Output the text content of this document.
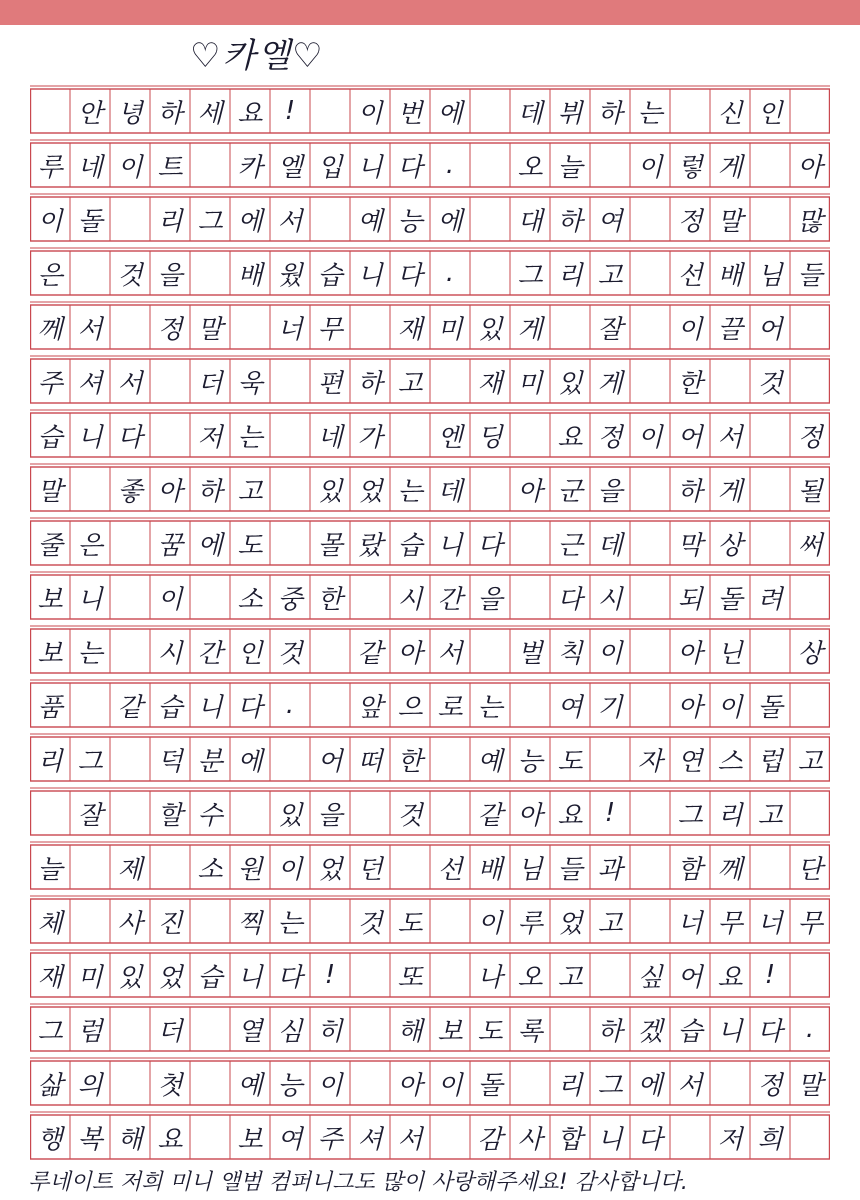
♡카엘♡
안 녕 하 세 요 !	이 번 에 데 뷔 하 는 신 인
루 네 이 트 카 엘 입 니 다 .	오 늘 이 렇 게 아
이 돌 리 그 에 서 예 능 에 대 하 여 정 말 많
은 것 을 배 웠 습 니 다 .	그 리 고 선 배 님 들
께 서 정 말 너 무 재 미 있 게 잘 이 끌 어
주 셔 서 더 욱 편 하 고 재 미 있 게 한 것
습 니 다 저 는 네 가 엔 딩 요 정 이 어 서 정
말 좋 아 하 고 있 었 는 데 아 군 을 하 게 될
줄 은 꿈 에 도 몰 랐 습 니 다 근 데 막 상 써
보 니 이 소 중 한 시 간 을 다 시 되 돌 려
보 는 시 간 인 것 같 아 서 벌 칙 이 아 닌 상
품 같 습 니 다 .	앞 으 로 는 여 기 아 이 돌
리 그 덕 분 에 어 떠 한 예 능 도 자 연 스 럽 고
잘 할 수 있 을 것 같 아 요 !	그 리 고
늘 제 소 원 이 었 던 선 배 님 들 과 함 께 단
체 사 진 찍 는 것 도 이 루 었 고 너 무 너 무
재 미 있 었 습 니 다 !	또 나 오 고 싶 어 요 !
그 럼 더 열 심 히 해 보 도 록 하 겠 습 니 다 .
삶 의 첫 예 능 이 아 이 돌 리 그 에 서 정 말
행 복 해 요 보 여 주 셔 서 감 사 합 니 다 저 희
루네이트 저희 미니 앨범 컴퍼니그도 많이 사랑해주세요! 감사합니다.
